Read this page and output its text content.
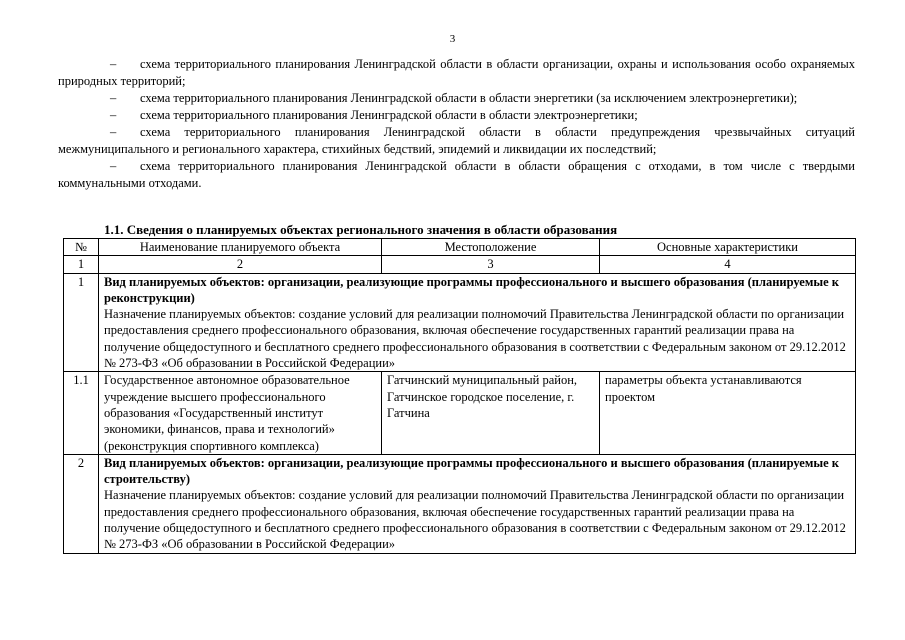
3

– схема территориального планирования Ленинградской области в области организации, охраны и использования особо охраняемых природных территорий;

– схема территориального планирования Ленинградской области в области энергетики (за исключением электроэнергетики);

– схема территориального планирования Ленинградской области в области электроэнергетики;

– схема территориального планирования Ленинградской области в области предупреждения чрезвычайных ситуаций межмуниципального и регионального характера, стихийных бедствий, эпидемий и ликвидации их последствий;

– схема территориального планирования Ленинградской области в области обращения с отходами, в том числе с твердыми коммунальными отходами.

1.1. Сведения о планируемых объектах регионального значения в области образования
№	Наименование планируемого объекта	Местоположение	Основные характеристики
1	2	3	4
1	Вид планируемых объектов: организации, реализующие программы профессионального и высшего образования (планируемые к реконструкции)
Назначение планируемых объектов: создание условий для реализации полномочий Правительства Ленинградской области по организации предоставления среднего профессионального образования, включая обеспечение государственных гарантий реализации права на получение общедоступного и бесплатного среднего профессионального образования в соответствии с Федеральным законом от 29.12.2012 № 273-ФЗ «Об образовании в Российской Федерации»		

1.1	Государственное автономное образовательное учреждение высшего профессионального образования «Государственный институт экономики, финансов, права и технологий» (реконструкция спортивного комплекса)	Гатчинский муниципальный район, Гатчинское городское поселение, г. Гатчина	параметры объекта устанавливаются проектом
2	Вид планируемых объектов: организации, реализующие программы профессионального и высшего образования (планируемые к строительству)
Назначение планируемых объектов: создание условий для реализации полномочий Правительства Ленинградской области по организации предоставления среднего профессионального образования, включая обеспечение государственных гарантий реализации права на получение общедоступного и бесплатного среднего профессионального образования в соответствии с Федеральным законом от 29.12.2012 № 273-ФЗ «Об образовании в Российской Федерации»		
